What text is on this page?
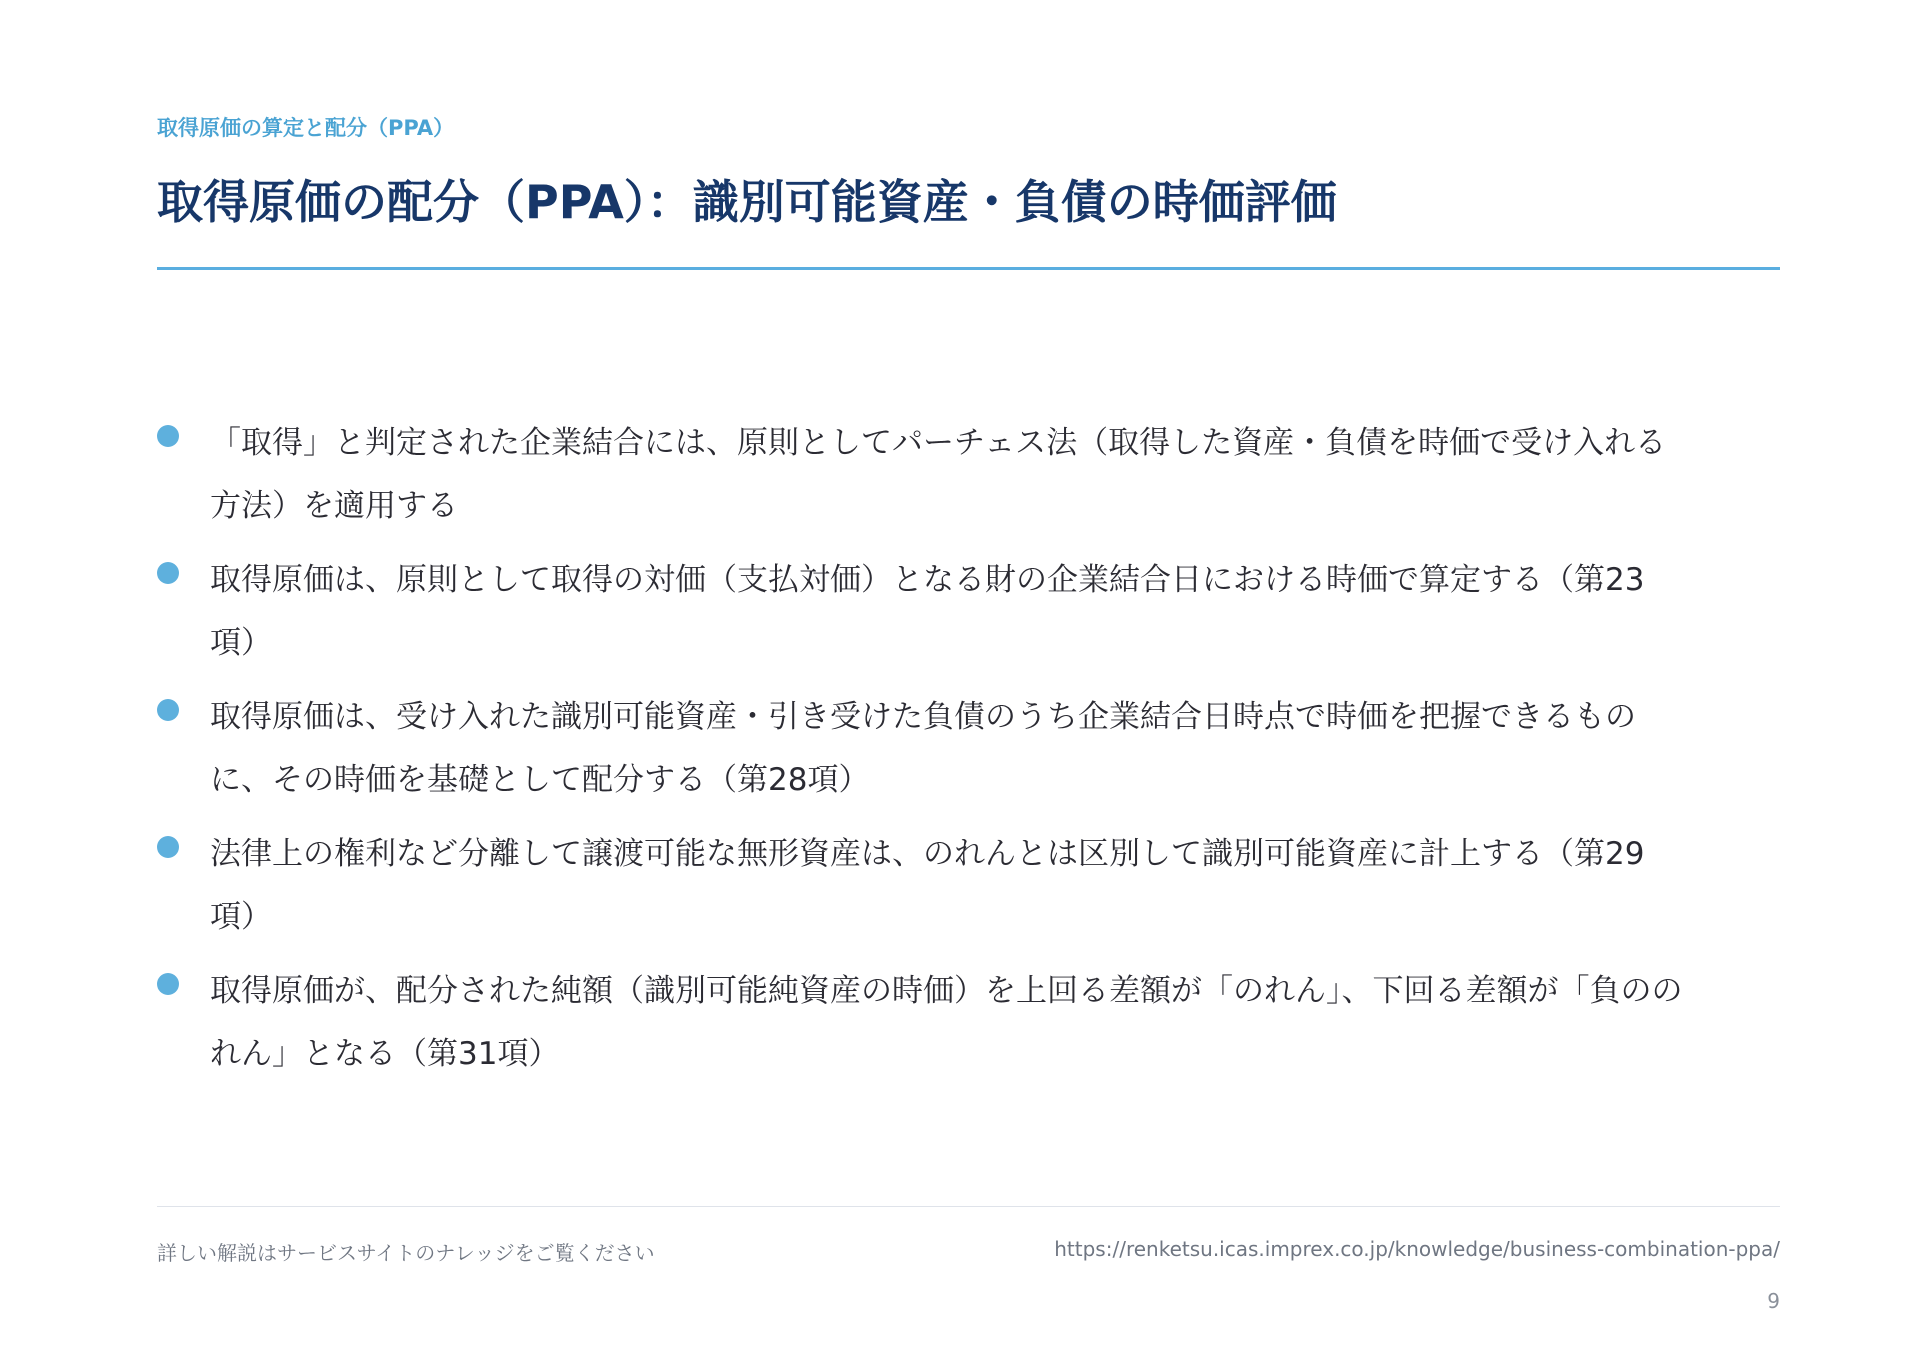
取得原価の算定と配分（PPA）
取得原価の配分（PPA）：識別可能資産・負債の時価評価
「取得」と判定された企業結合には、原則としてパーチェス法（取得した資産・負債を時価で受け入れる方法）を適用する
取得原価は、原則として取得の対価（支払対価）となる財の企業結合日における時価で算定する（第23項）
取得原価は、受け入れた識別可能資産・引き受けた負債のうち企業結合日時点で時価を把握できるものに、その時価を基礎として配分する（第28項）
法律上の権利など分離して譲渡可能な無形資産は、のれんとは区別して識別可能資産に計上する（第29項）
取得原価が、配分された純額（識別可能純資産の時価）を上回る差額が「のれん」、下回る差額が「負ののれん」となる（第31項）
詳しい解説はサービスサイトのナレッジをご覧ください	https://renketsu.icas.imprex.co.jp/knowledge/business-combination-ppa/
9
